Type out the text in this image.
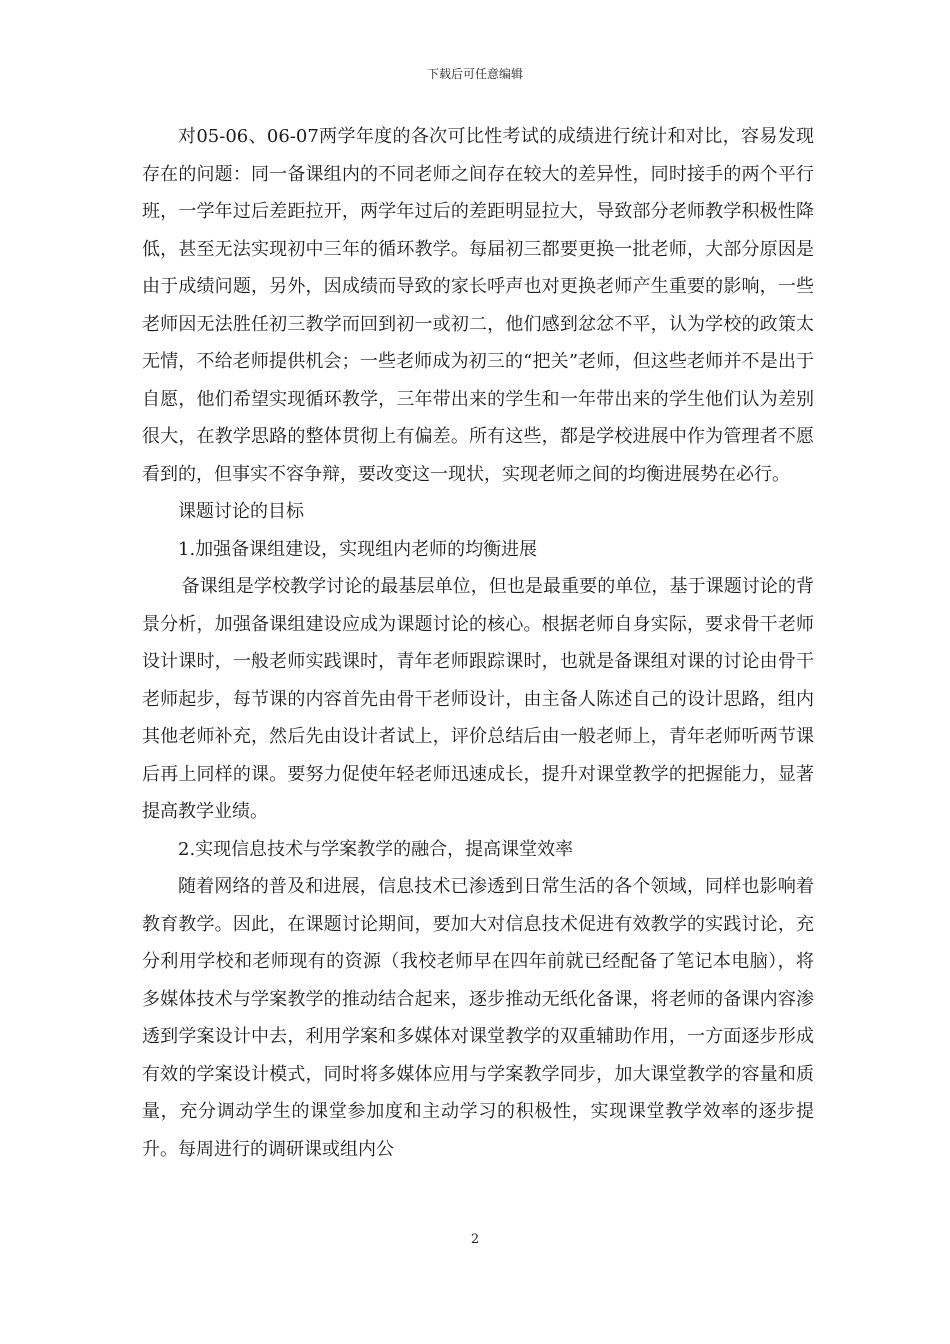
下载后可任意编辑

对05-06、06-07两学年度的各次可比性考试的成绩进行统计和对比，容易发现存在的问题：同一备课组内的不同老师之间存在较大的差异性，同时接手的两个平行班，一学年过后差距拉开，两学年过后的差距明显拉大，导致部分老师教学积极性降低，甚至无法实现初中三年的循环教学。每届初三都要更换一批老师，大部分原因是由于成绩问题，另外，因成绩而导致的家长呼声也对更换老师产生重要的影响，一些老师因无法胜任初三教学而回到初一或初二，他们感到忿忿不平，认为学校的政策太无情，不给老师提供机会；一些老师成为初三的“把关”老师，但这些老师并不是出于自愿，他们希望实现循环教学，三年带出来的学生和一年带出来的学生他们认为差别很大，在教学思路的整体贯彻上有偏差。所有这些，都是学校进展中作为管理者不愿看到的，但事实不容争辩，要改变这一现状，实现老师之间的均衡进展势在必行。

课题讨论的目标

1.加强备课组建设，实现组内老师的均衡进展

备课组是学校教学讨论的最基层单位，但也是最重要的单位，基于课题讨论的背景分析，加强备课组建设应成为课题讨论的核心。根据老师自身实际，要求骨干老师设计课时，一般老师实践课时，青年老师跟踪课时，也就是备课组对课的讨论由骨干老师起步，每节课的内容首先由骨干老师设计，由主备人陈述自己的设计思路，组内其他老师补充，然后先由设计者试上，评价总结后由一般老师上，青年老师听两节课后再上同样的课。要努力促使年轻老师迅速成长，提升对课堂教学的把握能力，显著提高教学业绩。

2.实现信息技术与学案教学的融合，提高课堂效率

随着网络的普及和进展，信息技术已渗透到日常生活的各个领域，同样也影响着教育教学。因此，在课题讨论期间，要加大对信息技术促进有效教学的实践讨论，充分利用学校和老师现有的资源（我校老师早在四年前就已经配备了笔记本电脑），将多媒体技术与学案教学的推动结合起来，逐步推动无纸化备课，将老师的备课内容渗透到学案设计中去，利用学案和多媒体对课堂教学的双重辅助作用，一方面逐步形成有效的学案设计模式，同时将多媒体应用与学案教学同步，加大课堂教学的容量和质量，充分调动学生的课堂参加度和主动学习的积极性，实现课堂教学效率的逐步提升。每周进行的调研课或组内公

2
